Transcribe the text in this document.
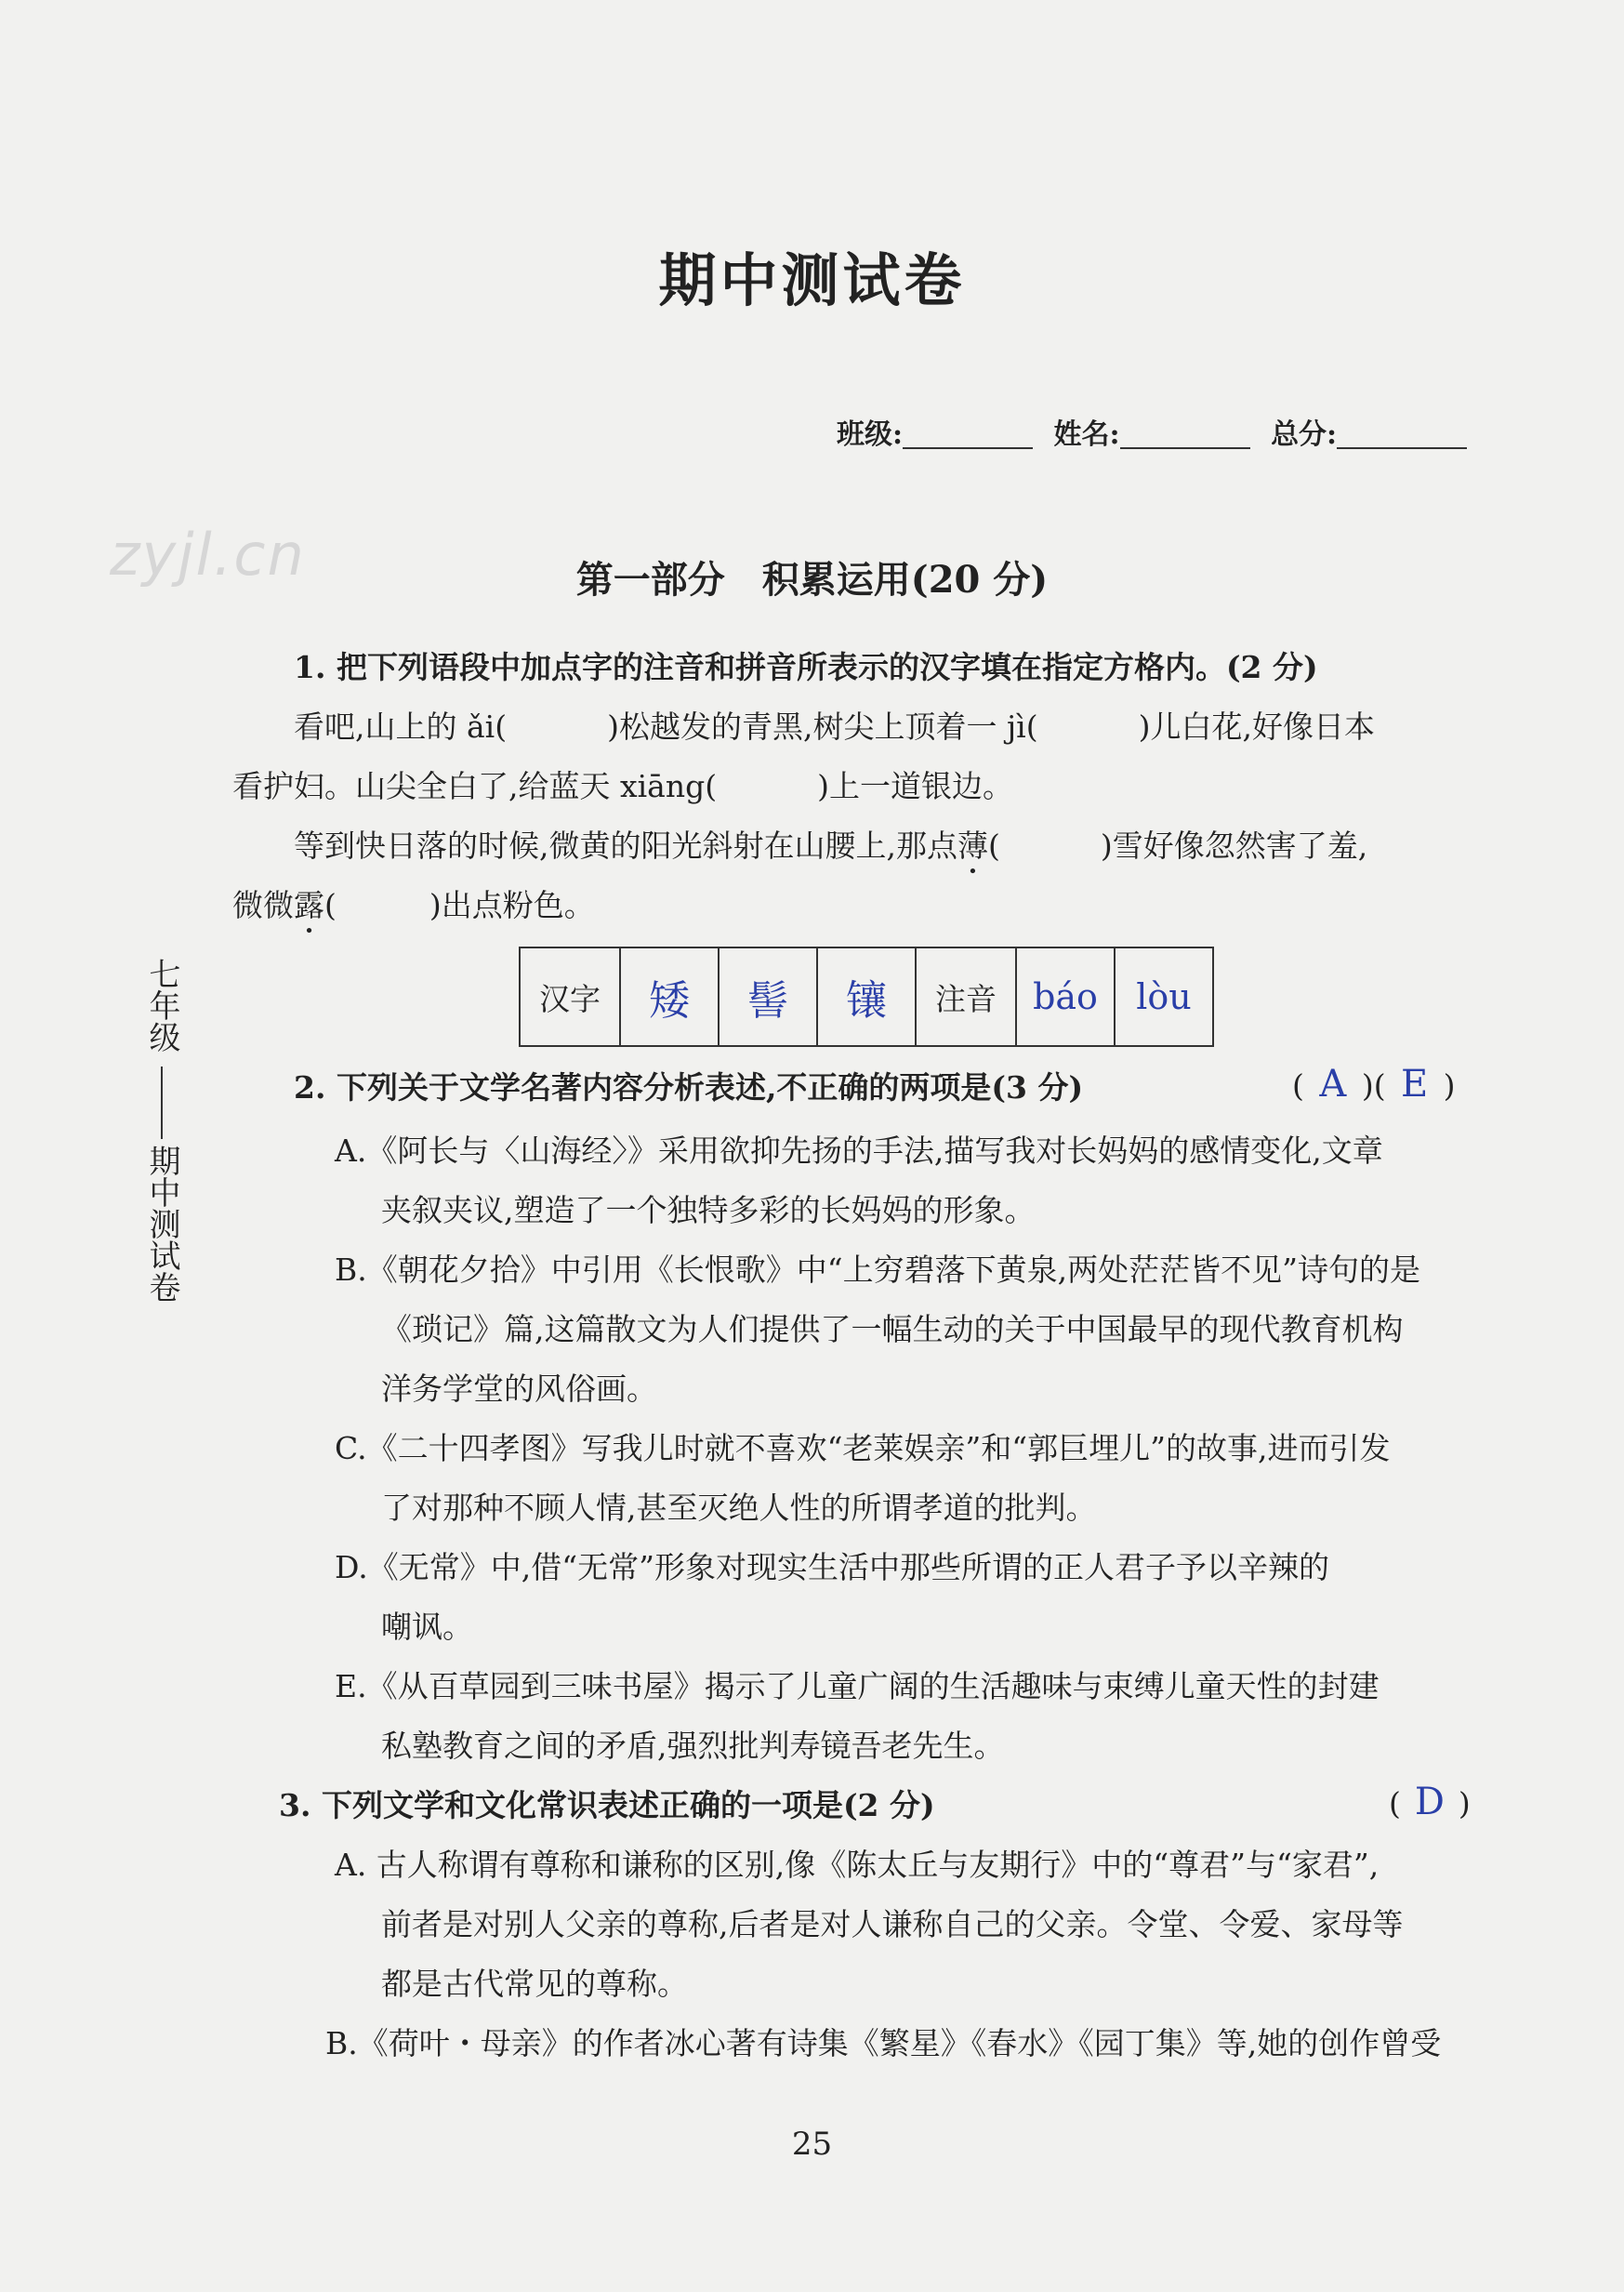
期中测试卷
班级:	姓名:	总分:
zyjl.cn	第一部分　积累运用(20 分)
七年级
期中测试卷
1. 把下列语段中加点字的注音和拼音所表示的汉字填在指定方格内。(2 分)
看吧,山上的 ǎi(	)松越发的青黑,树尖上顶着一 jì(	)儿白花,好像日本
看护妇。山尖全白了,给蓝天 xiāng(	)上一道银边。
等到快日落的时候,微黄的阳光斜射在山腰上,那点薄(	)雪好像忽然害了羞,
微微露(	)出点粉色。
汉字	矮	髻	镶	注音	báo	lòu
2. 下列关于文学名著内容分析表述,不正确的两项是(3 分)	( A )( E )
A.《阿长与〈山海经〉》采用欲抑先扬的手法,描写我对长妈妈的感情变化,文章
夹叙夹议,塑造了一个独特多彩的长妈妈的形象。
B.《朝花夕拾》中引用《长恨歌》中“上穷碧落下黄泉,两处茫茫皆不见”诗句的是
《琐记》篇,这篇散文为人们提供了一幅生动的关于中国最早的现代教育机构
洋务学堂的风俗画。
C.《二十四孝图》写我儿时就不喜欢“老莱娱亲”和“郭巨埋儿”的故事,进而引发
了对那种不顾人情,甚至灭绝人性的所谓孝道的批判。
D.《无常》中,借“无常”形象对现实生活中那些所谓的正人君子予以辛辣的
嘲讽。
E.《从百草园到三味书屋》揭示了儿童广阔的生活趣味与束缚儿童天性的封建
私塾教育之间的矛盾,强烈批判寿镜吾老先生。
3. 下列文学和文化常识表述正确的一项是(2 分)	( D )
A. 古人称谓有尊称和谦称的区别,像《陈太丘与友期行》中的“尊君”与“家君”,
前者是对别人父亲的尊称,后者是对人谦称自己的父亲。令堂、令爱、家母等
都是古代常见的尊称。
B.《荷叶・母亲》的作者冰心著有诗集《繁星》《春水》《园丁集》等,她的创作曾受
25
